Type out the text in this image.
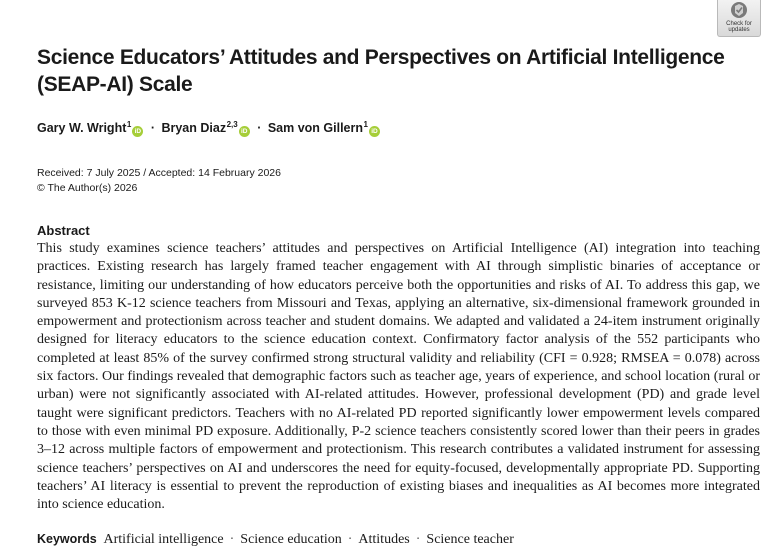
Check for
updates
Science Educators’ Attitudes and Perspectives on Artificial Intelligence (SEAP-AI) Scale
Gary W. Wright$^1$iD · Bryan Diaz$^{2,3}$iD · Sam von Gillern$^1$iD
Received: 7 July 2025 / Accepted: 14 February 2026
© The Author(s) 2026
Abstract
This study examines science teachers’ attitudes and perspectives on Artificial Intelligence (AI) integration into teaching practices. Existing research has largely framed teacher engagement with AI through simplistic binaries of acceptance or resistance, limiting our understanding of how educators perceive both the opportunities and risks of AI. To address this gap, we surveyed 853 K-12 science teachers from Missouri and Texas, applying an alternative, six-dimensional framework grounded in empowerment and protectionism across teacher and student domains. We adapted and validated a 24-item instrument originally designed for literacy educators to the science education context. Confirmatory factor analysis of the 552 participants who completed at least 85% of the survey confirmed strong structural validity and reliability (CFI = 0.928; RMSEA = 0.078) across six factors. Our findings revealed that demographic factors such as teacher age, years of experience, and school location (rural or urban) were not significantly associated with AI-related attitudes. However, professional development (PD) and grade level taught were significant predictors. Teachers with no AI-related PD reported significantly lower empowerment levels compared to those with even minimal PD exposure. Additionally, P-2 science teachers consistently scored lower than their peers in grades 3–12 across multiple factors of empowerment and protectionism. This research contributes a validated instrument for assessing science teachers’ perspectives on AI and underscores the need for equity-focused, developmentally appropriate PD. Supporting teachers’ AI literacy is essential to prevent the reproduction of existing biases and inequalities as AI becomes more integrated into science education.
Keywords Artificial intelligence · Science education · Attitudes · Science teacher
